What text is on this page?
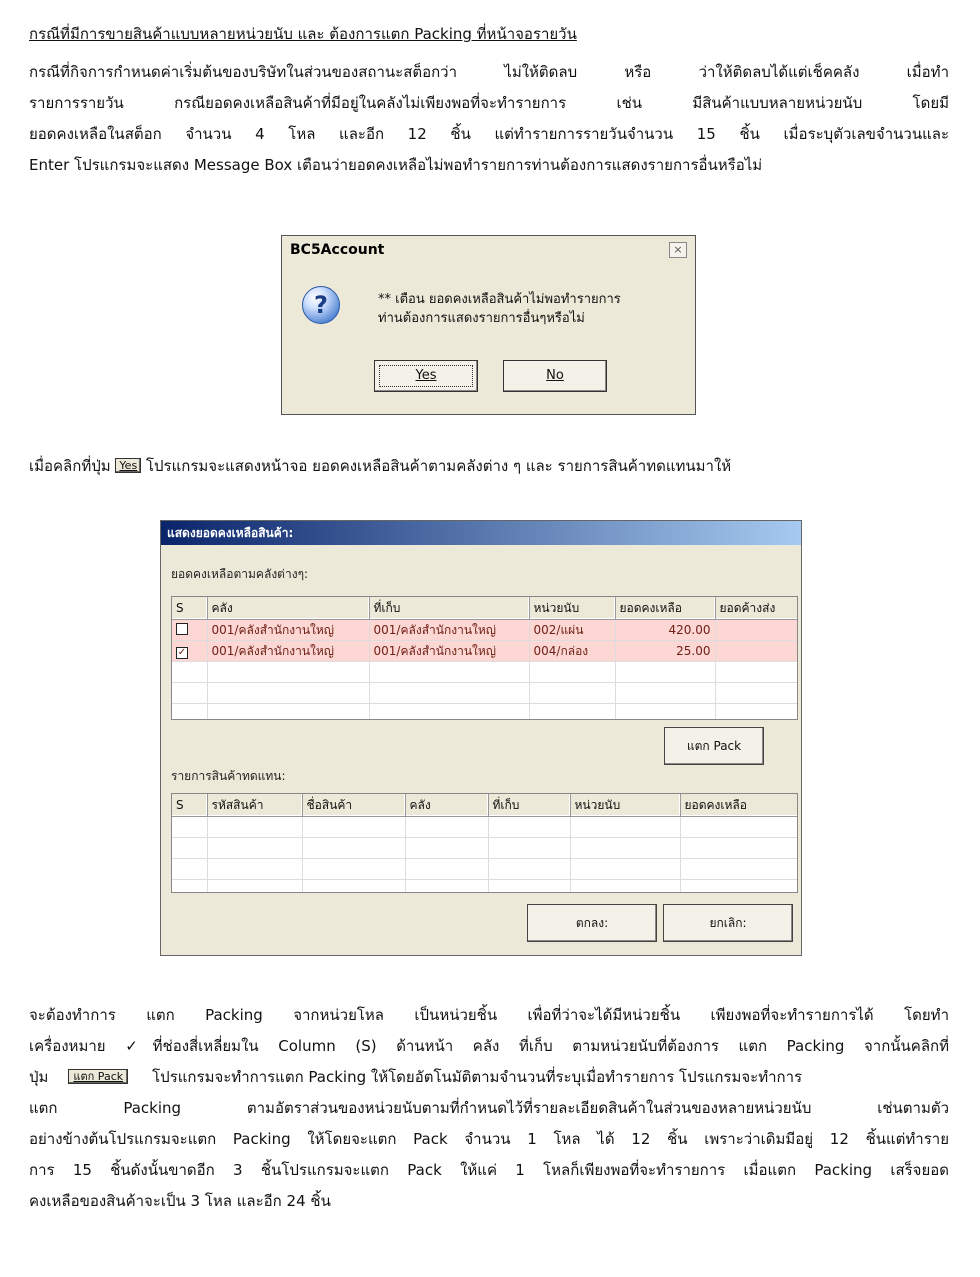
กรณีที่มีการขายสินค้าแบบหลายหน่วยนับ และ ต้องการแตก Packing ที่หน้าจอรายวัน

กรณีที่กิจการกำหนดค่าเริ่มต้นของบริษัทในส่วนของสถานะสต็อกว่า ไม่ให้ติดลบ หรือ ว่าให้ติดลบได้แต่เช็คคลัง เมื่อทำ

รายการรายวัน กรณียอดคงเหลือสินค้าที่มีอยู่ในคลังไม่เพียงพอที่จะทำรายการ เช่น มีสินค้าแบบหลายหน่วยนับ โดยมี

ยอดคงเหลือในสต็อก จำนวน 4 โหล และอีก 12 ชิ้น แต่ทำรายการรายวันจำนวน 15 ชิ้น เมื่อระบุตัวเลขจำนวนและ

Enter โปรแกรมจะแสดง Message Box เตือนว่ายอดคงเหลือไม่พอทำรายการท่านต้องการแสดงรายการอื่นหรือไม่

BC5Account	×
?	** เตือน ยอดคงเหลือสินค้าไม่พอทำรายการ
ท่านต้องการแสดงรายการอื่นๆหรือไม่
Yes	No
เมื่อคลิกที่ปุ่ม Yes โปรแกรมจะแสดงหน้าจอ ยอดคงเหลือสินค้าตามคลังต่าง ๆ และ รายการสินค้าทดแทนมาให้
แสดงยอดคงเหลือสินค้า:
ยอดคงเหลือตามคลังต่างๆ:
S	คลัง	ที่เก็บ	หน่วยนับ	ยอดคงเหลือ	ยอดค้างส่ง
	001/คลังสำนักงานใหญ่	001/คลังสำนักงานใหญ่	002/แผ่น	420.00	
✓	001/คลังสำนักงานใหญ่	001/คลังสำนักงานใหญ่	004/กล่อง	25.00	

แตก Pack
รายการสินค้าทดแทน:
S	รหัสสินค้า	ชื่อสินค้า	คลัง	ที่เก็บ	หน่วยนับ	ยอดคงเหลือ

ตกลง:	ยกเลิก:

จะต้องทำการ แตก Packing จากหน่วยโหล เป็นหน่วยชิ้น เพื่อที่ว่าจะได้มีหน่วยชิ้น เพียงพอที่จะทำรายการได้ โดยทำ

เครื่องหมาย ✓ที่ช่องสี่เหลี่ยมใน Column (S) ด้านหน้า คลัง ที่เก็บ ตามหน่วยนับที่ต้องการ แตก Packing จากนั้นคลิกที่

ปุ่ม แตก Pack โปรแกรมจะทำการแตก Packing ให้โดยอัตโนมัติตามจำนวนที่ระบุเมื่อทำรายการ โปรแกรมจะทำการ

แตก Packing ตามอัตราส่วนของหน่วยนับตามที่กำหนดไว้ที่รายละเอียดสินค้าในส่วนของหลายหน่วยนับ เช่นตามตัว

อย่างข้างต้นโปรแกรมจะแตก Packing ให้โดยจะแตก Pack จำนวน 1 โหล ได้ 12 ชิ้น เพราะว่าเดิมมีอยู่ 12 ชิ้นแต่ทำราย

การ 15 ชิ้นดังนั้นขาดอีก 3 ชิ้นโปรแกรมจะแตก Pack ให้แค่ 1 โหลก็เพียงพอที่จะทำรายการ เมื่อแตก Packing เสร็จยอด

คงเหลือของสินค้าจะเป็น 3 โหล และอีก 24 ชิ้น
